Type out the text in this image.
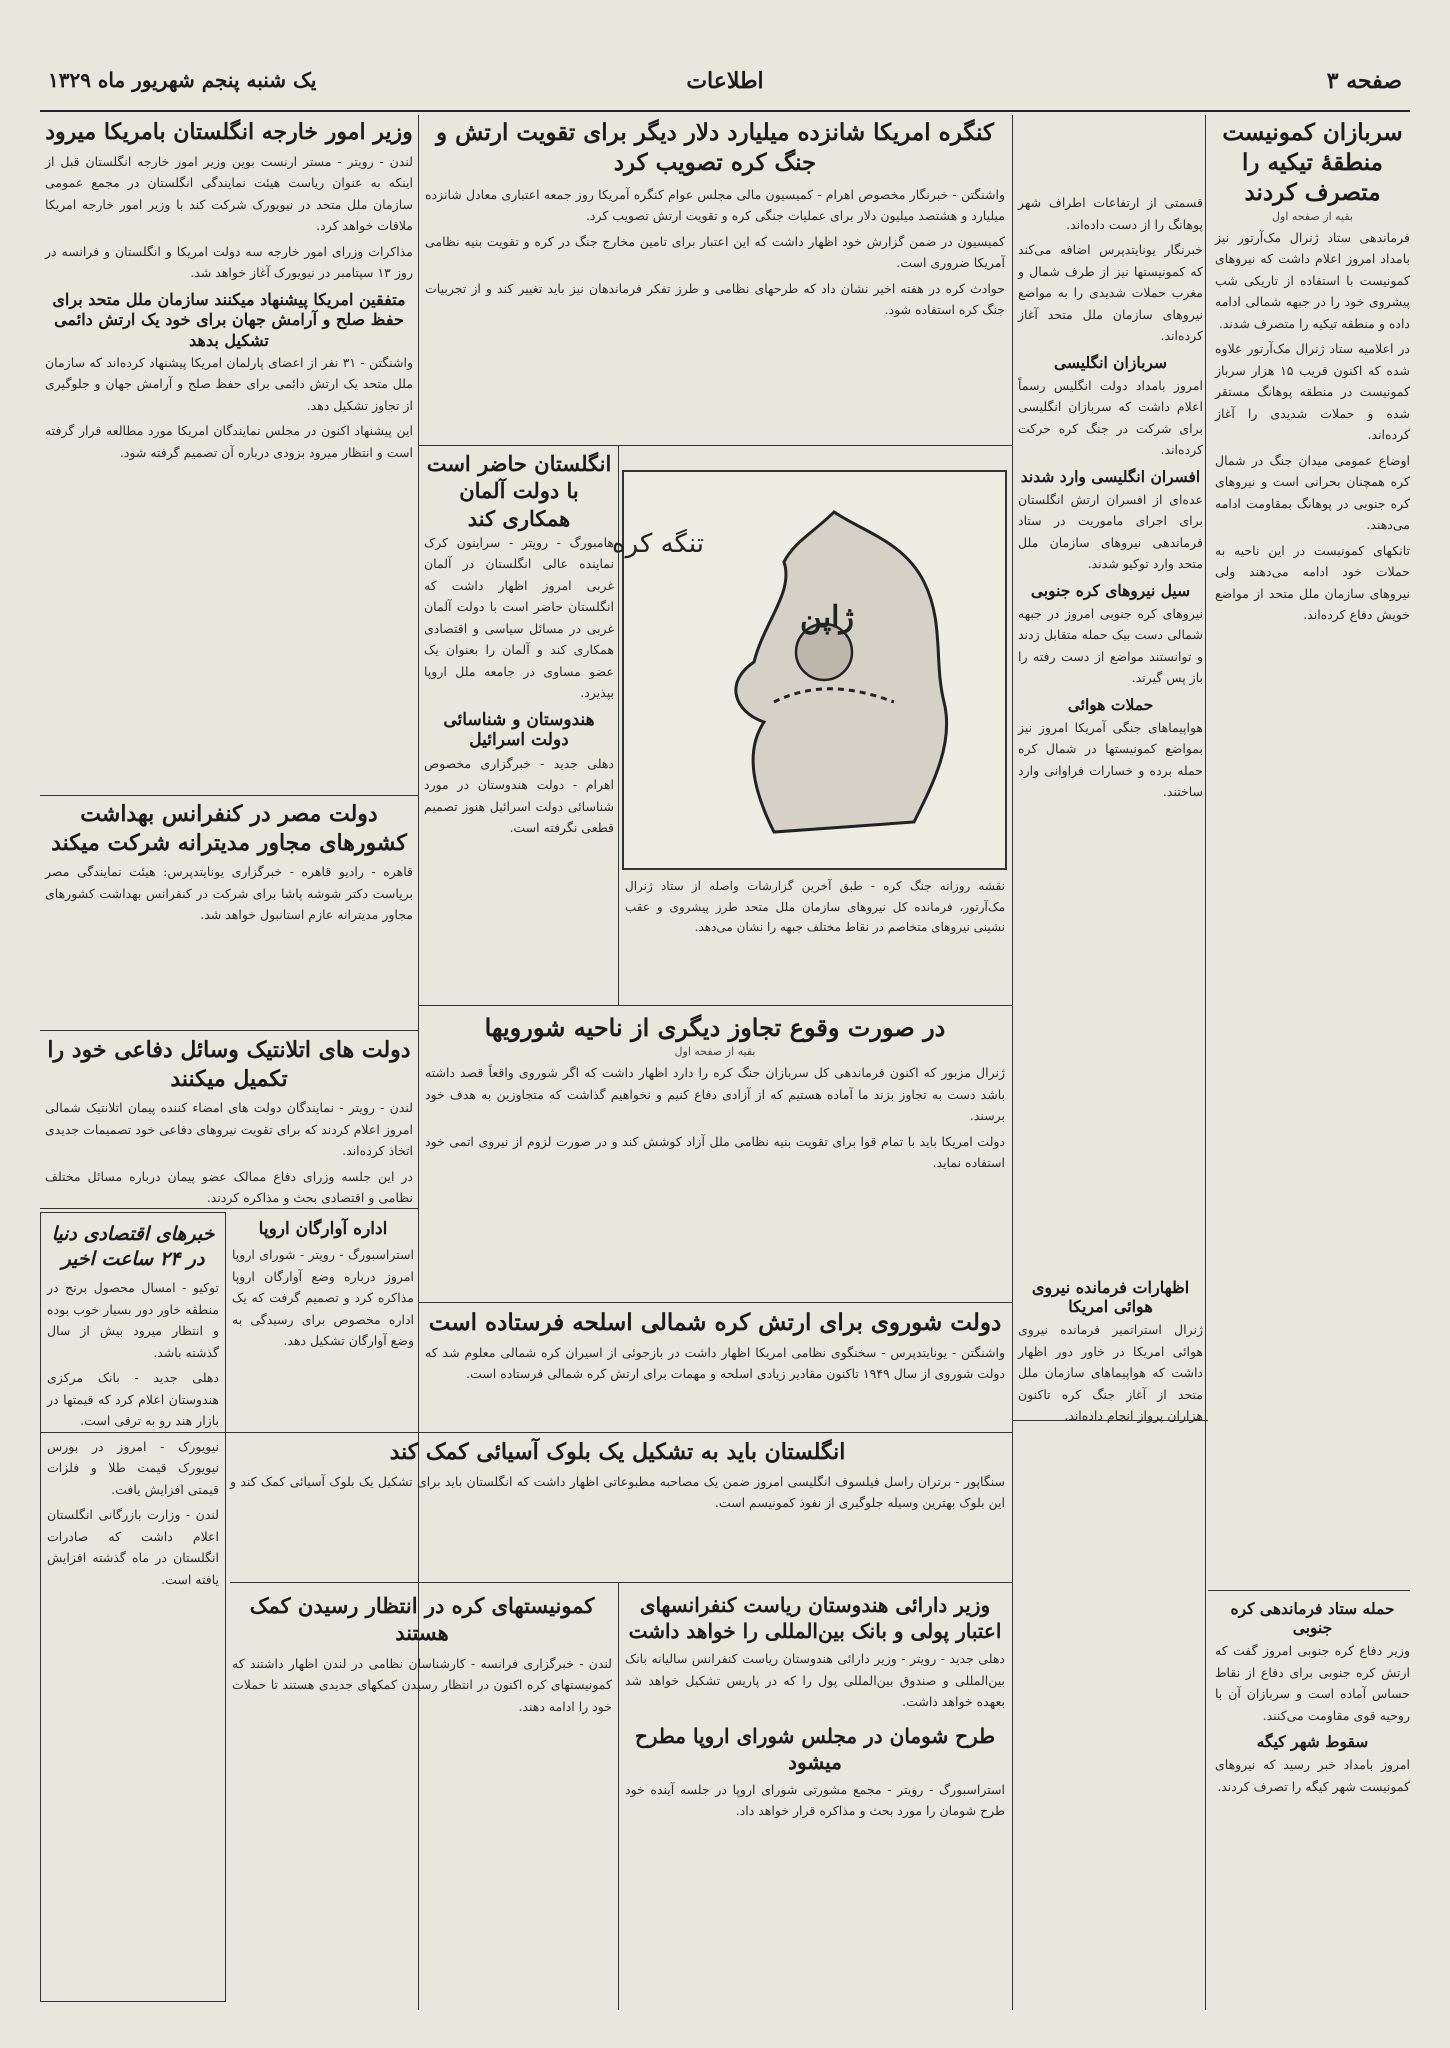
صفحه ۳
اطلاعات
یک شنبه پنجم شهریور ماه ۱۳۲۹
سربازان کمونیست منطقهٔ تیکیه را متصرف کردند
بقیه از صفحه اول

فرماندهی ستاد ژنرال مک‌آرتور نیز بامداد امروز اعلام داشت که نیروهای کمونیست با استفاده از تاریکی شب پیشروی خود را در جبهه شمالی ادامه داده و منطقه تیکیه را متصرف شدند.

در اعلامیه ستاد ژنرال مک‌آرتور علاوه شده که اکنون قریب ۱۵ هزار سرباز کمونیست در منطقه پوهانگ مستقر شده و حملات شدیدی را آغاز کرده‌اند.

اوضاع عمومی میدان جنگ در شمال کره همچنان بحرانی است و نیروهای کره جنوبی در پوهانگ بمقاومت ادامه می‌دهند.

تانکهای کمونیست در این ناحیه به حملات خود ادامه می‌دهند ولی نیروهای سازمان ملل متحد از مواضع خویش دفاع کرده‌اند.

حمله ستاد فرماندهی کره جنوبی

وزیر دفاع کره جنوبی امروز گفت که ارتش کره جنوبی برای دفاع از نقاط حساس آماده است و سربازان آن با روحیه قوی مقاومت می‌کنند.

سقوط شهر کیگه

امروز بامداد خبر رسید که نیروهای کمونیست شهر کیگه را تصرف کردند.

قسمتی از ارتفاعات اطراف شهر پوهانگ را از دست داده‌اند.

خبرنگار یونایتدپرس اضافه می‌کند که کمونیستها نیز از طرف شمال و مغرب حملات شدیدی را به مواضع نیروهای سازمان ملل متحد آغاز کرده‌اند.

سربازان انگلیسی

امروز بامداد دولت انگلیس رسماً اعلام داشت که سربازان انگلیسی برای شرکت در جنگ کره حرکت کرده‌اند.

افسران انگلیسی وارد شدند

عده‌ای از افسران ارتش انگلستان برای اجرای ماموریت در ستاد فرماندهی نیروهای سازمان ملل متحد وارد توکیو شدند.

سیل نیروهای کره جنوبی

نیروهای کره جنوبی امروز در جبهه شمالی دست بیک حمله متقابل زدند و توانستند مواضع از دست رفته را باز پس گیرند.

حملات هوائی

هواپیماهای جنگی آمریکا امروز نیز بمواضع کمونیستها در شمال کره حمله برده و خسارات فراوانی وارد ساختند.

اظهارات فرمانده نیروی هوائی امریکا

ژنرال استراتمیر فرمانده نیروی هوائی امریکا در خاور دور اظهار داشت که هواپیماهای سازمان ملل متحد از آغاز جنگ کره تاکنون هزاران پرواز انجام داده‌اند.

کنگره امریکا شانزده میلیارد دلار دیگر برای تقویت ارتش و جنگ کره تصویب کرد

واشنگتن - خبرنگار مخصوص اهرام - کمیسیون مالی مجلس عوام کنگره آمریکا روز جمعه اعتباری معادل شانزده میلیارد و هشتصد میلیون دلار برای عملیات جنگی کره و تقویت ارتش تصویب کرد.

کمیسیون در ضمن گزارش خود اظهار داشت که این اعتبار برای تامین مخارج جنگ در کره و تقویت بنیه نظامی آمریکا ضروری است.

حوادث کره در هفته اخیر نشان داد که طرحهای نظامی و طرز تفکر فرماندهان نیز باید تغییر کند و از تجربیات جنگ کره استفاده شود.

تنگه کره
ژاپن

نقشه روزانه جنگ کره - طبق آخرین گزارشات واصله از ستاد ژنرال مک‌آرتور، فرمانده کل نیروهای سازمان ملل متحد طرز پیشروی و عقب نشینی نیروهای متخاصم در نقاط مختلف جبهه را نشان می‌دهد.

انگلستان حاضر است با دولت آلمان همکاری کند

هامبورگ - رویتر - سراینون کرک نماینده عالی انگلستان در آلمان غربی امروز اظهار داشت که انگلستان حاضر است با دولت آلمان غربی در مسائل سیاسی و اقتصادی همکاری کند و آلمان را بعنوان یک عضو مساوی در جامعه ملل اروپا بپذیرد.

هندوستان و شناسائی دولت اسرائیل

دهلی جدید - خبرگزاری مخصوص اهرام - دولت هندوستان در مورد شناسائی دولت اسرائیل هنوز تصمیم قطعی نگرفته است.

در صورت وقوع تجاوز دیگری از ناحیه شورویها
بقیه از صفحه اول

ژنرال مزبور که اکنون فرماندهی کل سربازان جنگ کره را دارد اظهار داشت که اگر شوروی واقعاً قصد داشته باشد دست به تجاوز بزند ما آماده هستیم که از آزادی دفاع کنیم و نخواهیم گذاشت که متجاوزین به هدف خود برسند.

دولت امریکا باید با تمام قوا برای تقویت بنیه نظامی ملل آزاد کوشش کند و در صورت لزوم از نیروی اتمی خود استفاده نماید.

دولت شوروی برای ارتش کره شمالی اسلحه فرستاده است

واشنگتن - یونایتدپرس - سخنگوی نظامی امریکا اظهار داشت در بازجوئی از اسیران کره شمالی معلوم شد که دولت شوروی از سال ۱۹۴۹ تاکنون مقادیر زیادی اسلحه و مهمات برای ارتش کره شمالی فرستاده است.

انگلستان باید به تشکیل یک بلوک آسیائی کمک کند

سنگاپور - برتران راسل فیلسوف انگلیسی امروز ضمن یک مصاحبه مطبوعاتی اظهار داشت که انگلستان باید برای تشکیل یک بلوک آسیائی کمک کند و این بلوک بهترین وسیله جلوگیری از نفوذ کمونیسم است.

وزیر امور خارجه انگلستان بامریکا میرود

لندن - رویتر - مستر ارنست بوین وزیر امور خارجه انگلستان قبل از اینکه به عنوان ریاست هیئت نمایندگی انگلستان در مجمع عمومی سازمان ملل متحد در نیویورک شرکت کند با وزیر امور خارجه امریکا ملاقات خواهد کرد.

مذاکرات وزرای امور خارجه سه دولت امریکا و انگلستان و فرانسه در روز ۱۳ سپتامبر در نیویورک آغاز خواهد شد.

متفقین امریکا پیشنهاد میکنند سازمان ملل متحد برای حفظ صلح و آرامش جهان برای خود یک ارتش دائمی تشکیل بدهد

واشنگتن - ۳۱ نفر از اعضای پارلمان امریکا پیشنهاد کرده‌اند که سازمان ملل متحد یک ارتش دائمی برای حفظ صلح و آرامش جهان و جلوگیری از تجاوز تشکیل دهد.

این پیشنهاد اکنون در مجلس نمایندگان امریکا مورد مطالعه قرار گرفته است و انتظار میرود بزودی درباره آن تصمیم گرفته شود.

دولت مصر در کنفرانس بهداشت کشورهای مجاور مدیترانه شرکت میکند

قاهره - رادیو قاهره - خبرگزاری یونایتدپرس: هیئت نمایندگی مصر بریاست دکتر شوشه پاشا برای شرکت در کنفرانس بهداشت کشورهای مجاور مدیترانه عازم استانبول خواهد شد.

دولت های اتلانتیک وسائل دفاعی خود را تکمیل میکنند

لندن - رویتر - نمایندگان دولت های امضاء کننده پیمان اتلانتیک شمالی امروز اعلام کردند که برای تقویت نیروهای دفاعی خود تصمیمات جدیدی اتخاذ کرده‌اند.

در این جلسه وزرای دفاع ممالک عضو پیمان درباره مسائل مختلف نظامی و اقتصادی بحث و مذاکره کردند.

خبرهای اقتصادی دنیا در ۲۴ ساعت اخیر

توکیو - امسال محصول برنج در منطقه خاور دور بسیار خوب بوده و انتظار میرود بیش از سال گذشته باشد.

دهلی جدید - بانک مرکزی هندوستان اعلام کرد که قیمتها در بازار هند رو به ترقی است.

نیویورک - امروز در بورس نیویورک قیمت طلا و فلزات قیمتی افزایش یافت.

لندن - وزارت بازرگانی انگلستان اعلام داشت که صادرات انگلستان در ماه گذشته افزایش یافته است.

اداره آوارگان اروپا

استراسبورگ - رویتر - شورای اروپا امروز درباره وضع آوارگان اروپا مذاکره کرد و تصمیم گرفت که یک اداره مخصوص برای رسیدگی به وضع آوارگان تشکیل دهد.

کمونیستهای کره در انتظار رسیدن کمک هستند

لندن - خبرگزاری فرانسه - کارشناسان نظامی در لندن اظهار داشتند که کمونیستهای کره اکنون در انتظار رسیدن کمکهای جدیدی هستند تا حملات خود را ادامه دهند.

وزیر دارائی هندوستان ریاست کنفرانسهای اعتبار پولی و بانک بین‌المللی را خواهد داشت

دهلی جدید - رویتر - وزیر دارائی هندوستان ریاست کنفرانس سالیانه بانک بین‌المللی و صندوق بین‌المللی پول را که در پاریس تشکیل خواهد شد بعهده خواهد داشت.

طرح شومان در مجلس شورای اروپا مطرح میشود

استراسبورگ - رویتر - مجمع مشورتی شورای اروپا در جلسه آینده خود طرح شومان را مورد بحث و مذاکره قرار خواهد داد.
